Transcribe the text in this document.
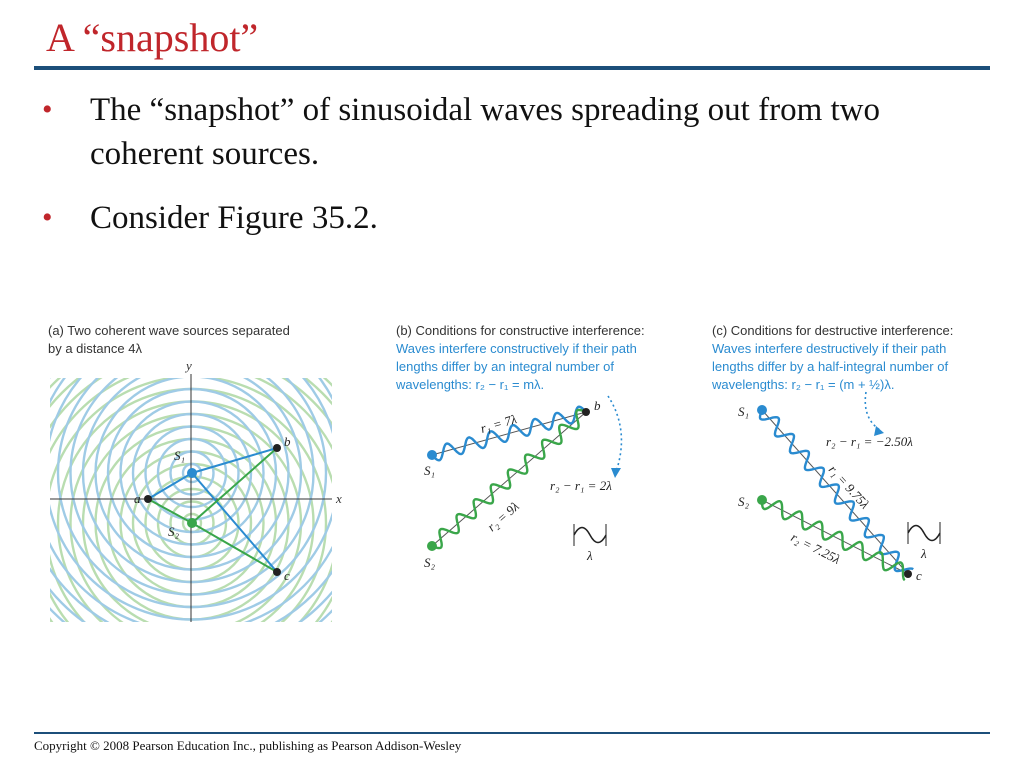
A “snapshot”
• The “snapshot” of sinusoidal waves spreading out from two coherent sources.
• Consider Figure 35.2.
(a) Two coherent wave sources separated
by a distance 4λ
(b) Conditions for constructive interference:
Waves interfere constructively if their path
lengths differ by an integral number of
wavelengths: r₂ − r₁ = mλ.
(c) Conditions for destructive interference:
Waves interfere destructively if their path
lengths differ by a half-integral number of
wavelengths: r₂ − r₁ = (m + ½)λ.
y
x
S₁
S₂
a
b
c
S₁
S₂
b
r₁ = 7λ
r₂ = 9λ
r₂ − r₁ = 2λ
λ
S₁
S₂
c
r₂ − r₁ = −2.50λ
r₁ = 9.75λ
r₂ = 7.25λ	λ
Copyright © 2008 Pearson Education Inc., publishing as Pearson Addison-Wesley
